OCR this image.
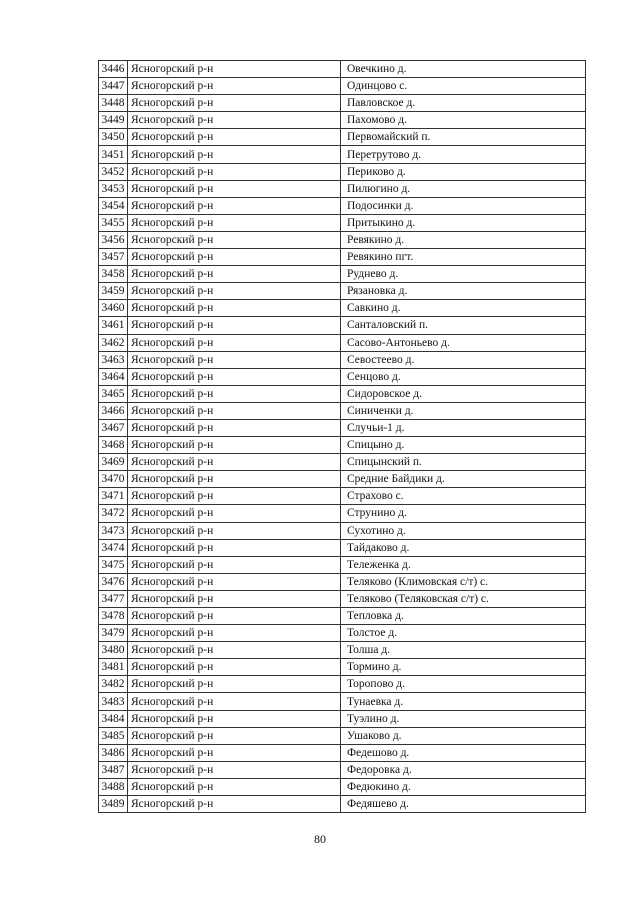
3446	Ясногорский р-н	Овечкино д.
3447	Ясногорский р-н	Одинцово с.
3448	Ясногорский р-н	Павловское д.
3449	Ясногорский р-н	Пахомово д.
3450	Ясногорский р-н	Первомайский п.
3451	Ясногорский р-н	Перетрутово д.
3452	Ясногорский р-н	Периково д.
3453	Ясногорский р-н	Пилюгино д.
3454	Ясногорский р-н	Подосинки д.
3455	Ясногорский р-н	Притыкино д.
3456	Ясногорский р-н	Ревякино д.
3457	Ясногорский р-н	Ревякино пгт.
3458	Ясногорский р-н	Руднево д.
3459	Ясногорский р-н	Рязановка д.
3460	Ясногорский р-н	Савкино д.
3461	Ясногорский р-н	Санталовский п.
3462	Ясногорский р-н	Сасово-Антоньево д.
3463	Ясногорский р-н	Севостеево д.
3464	Ясногорский р-н	Сенцово д.
3465	Ясногорский р-н	Сидоровское д.
3466	Ясногорский р-н	Синиченки д.
3467	Ясногорский р-н	Случьи-1 д.
3468	Ясногорский р-н	Спицыно д.
3469	Ясногорский р-н	Спицынский п.
3470	Ясногорский р-н	Средние Байдики д.
3471	Ясногорский р-н	Страхово с.
3472	Ясногорский р-н	Струнино д.
3473	Ясногорский р-н	Сухотино д.
3474	Ясногорский р-н	Тайдаково д.
3475	Ясногорский р-н	Тележенка д.
3476	Ясногорский р-н	Теляково (Климовская с/т) с.
3477	Ясногорский р-н	Теляково (Теляковская с/т) с.
3478	Ясногорский р-н	Тепловка д.
3479	Ясногорский р-н	Толстое д.
3480	Ясногорский р-н	Толша д.
3481	Ясногорский р-н	Тормино д.
3482	Ясногорский р-н	Торопово д.
3483	Ясногорский р-н	Тунаевка д.
3484	Ясногорский р-н	Туэлино д.
3485	Ясногорский р-н	Ушаково д.
3486	Ясногорский р-н	Федешово д.
3487	Ясногорский р-н	Федоровка д.
3488	Ясногорский р-н	Федюкино д.
3489	Ясногорский р-н	Федяшево д.
80
